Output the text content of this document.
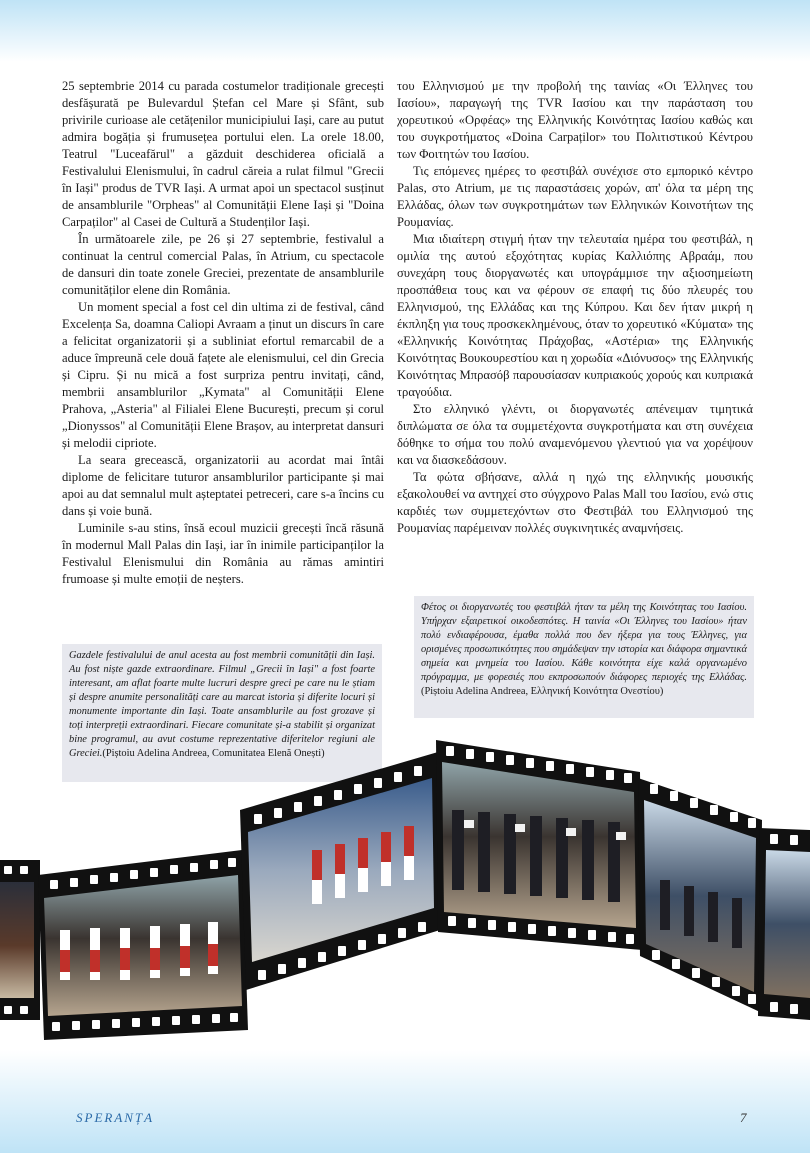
25 septembrie 2014 cu parada costumelor tradiționale grecești desfășurată pe Bulevardul Ștefan cel Mare și Sfânt, sub privirile curioase ale cetățenilor municipiului Iași, care au putut admira bogăția și frumusețea portului elen. La orele 18.00, Teatrul "Luceafărul" a găzduit deschiderea oficială a Festivalului Elenismului, în cadrul căreia a rulat filmul "Grecii în Iași" produs de TVR Iași. A urmat apoi un spectacol susținut de ansamblurile "Orpheas" al Comunității Elene Iași și "Doina Carpaților" al Casei de Cultură a Studenților Iași.

În următoarele zile, pe 26 și 27 septembrie, festivalul a continuat la centrul comercial Palas, în Atrium, cu spectacole de dansuri din toate zonele Greciei, prezentate de ansamblurile comunităților elene din România.

Un moment special a fost cel din ultima zi de festival, când Excelența Sa, doamna Caliopi Avraam a ținut un discurs în care a felicitat organizatorii și a subliniat efortul remarcabil de a aduce împreună cele două fațete ale elenismului, cel din Grecia și Cipru. Și nu mică a fost surpriza pentru invitați, când, membrii ansamblurilor „Kymata" al Comunității Elene Prahova, „Asteria" al Filialei Elene București, precum și corul „Dionyssos" al Comunității Elene Brașov, au interpretat dansuri și melodii cipriote.

La seara grecească, organizatorii au acordat mai întâi diplome de felicitare tuturor ansamblurilor participante și mai apoi au dat semnalul mult așteptatei petreceri, care s-a încins cu dans și voie bună.

Luminile s-au stins, însă ecoul muzicii grecești încă răsună în modernul Mall Palas din Iași, iar în inimile participanților la Festivalul Elenismului din România au rămas amintiri frumoase și multe emoții de neșters.

του Ελληνισμού με την προβολή της ταινίας «Οι Έλληνες του Ιασίου», παραγωγή της TVR Ιασίου και την παράσταση του χορευτικού «Ορφέας» της Ελληνικής Κοινότητας Ιασίου καθώς και του συγκροτήματος «Doina Carpaților» του Πολιτιστικού Κέντρου των Φοιτητών του Ιασίου.

Τις επόμενες ημέρες το φεστιβάλ συνέχισε στο εμπορικό κέντρο Palas, στο Atrium, με τις παραστάσεις χορών, απ' όλα τα μέρη της Ελλάδας, όλων των συγκροτημάτων των Ελληνικών Κοινοτήτων της Ρουμανίας.

Μια ιδιαίτερη στιγμή ήταν την τελευταία ημέρα του φεστιβάλ, η ομιλία της αυτού εξοχότητας κυρίας Καλλιόπης Αβραάμ, που συνεχάρη τους διοργανωτές και υπογράμμισε την αξιοσημείωτη προσπάθεια τους και να φέρουν σε επαφή τις δύο πλευρές του Ελληνισμού, της Ελλάδας και της Κύπρου. Και δεν ήταν μικρή η έκπληξη για τους προσκεκλημένους, όταν το χορευτικό «Κύματα» της «Ελληνικής Κοινότητας Πράχοβας, «Αστέρια» της Ελληνικής Κοινότητας Βουκουρεστίου και η χορωδία «Διόνυσος» της Ελληνικής Κοινότητας Μπρασόβ παρουσίασαν κυπριακούς χορούς και κυπριακά τραγούδια.

Στο ελληνικό γλέντι, οι διοργανωτές απένειμαν τιμητικά διπλώματα σε όλα τα συμμετέχοντα συγκροτήματα και στη συνέχεια δόθηκε το σήμα του πολύ αναμενόμενου γλεντιού για να χορέψουν και να διασκεδάσουν.

Τα φώτα σβήσανε, αλλά η ηχώ της ελληνικής μουσικής εξακολουθεί να αντηχεί στο σύγχρονο Palas Mall του Ιασίου, ενώ στις καρδιές των συμμετεχόντων στο Φεστιβάλ του Ελληνισμού της Ρουμανίας παρέμειναν πολλές συγκινητικές αναμνήσεις.

Gazdele festivalului de anul acesta au fost membrii comunității din Iași. Au fost niște gazde extraordinare. Filmul „Grecii în Iași" a fost foarte interesant, am aflat foarte multe lucruri despre greci pe care nu le știam și despre anumite personalități care au marcat istoria și diferite locuri și monumente importante din Iași. Toate ansamblurile au fost grozave și toți interpreții extraordinari. Fiecare comunitate și-a stabilit și organizat bine programul, au avut costume reprezentative diferitelor regiuni ale Greciei.(Piștoiu Adelina Andreea, Comunitatea Elenă Onești)
Φέτος οι διοργανωτές του φεστιβάλ ήταν τα μέλη της Κοινότητας του Ιασίου. Υπήρχαν εξαιρετικοί οικοδεσπότες. Η ταινία «Οι Έλληνες του Ιασίου» ήταν πολύ ενδιαφέρουσα, έμαθα πολλά που δεν ήξερα για τους Έλληνες, για ορισμένες προσωπικότητες που σημάδεψαν την ιστορία και διάφορα σημαντικά σημεία και μνημεία του Ιασίου. Κάθε κοινότητα είχε καλά οργανωμένο πρόγραμμα, με φορεσιές που εκπροσωπούν διάφορες περιοχές της Ελλάδας. (Piștoiu Adelina Andreea, Ελληνική Κοινότητα Ονεστίου)
SPERANȚA	7
